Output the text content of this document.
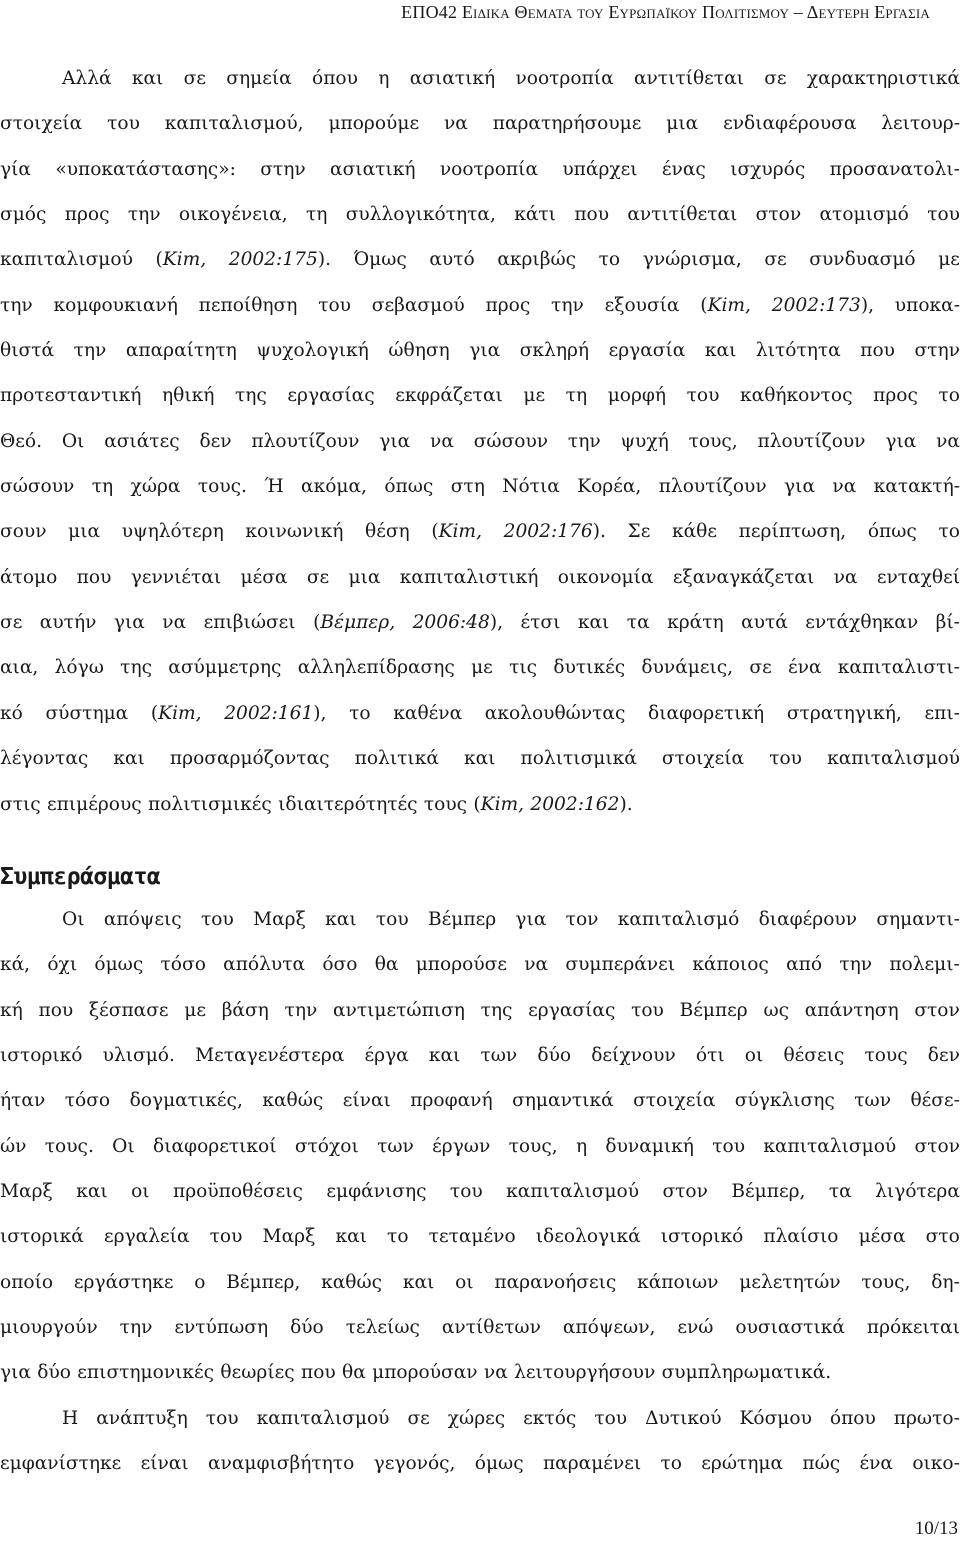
ΕΠΟ42 Ειδικα Θεματα του Ευρωπαϊκου Πολιτισμου – Δευτερη Εργασια
Αλλά και σε σημεία όπου η ασιατική νοοτροπία αντιτίθεται σε χαρακτηριστικά
στοιχεία του καπιταλισμού, μπορούμε να παρατηρήσουμε μια ενδιαφέρουσα λειτουρ-
γία «υποκατάστασης»: στην ασιατική νοοτροπία υπάρχει ένας ισχυρός προσανατολι-
σμός προς την οικογένεια, τη συλλογικότητα, κάτι που αντιτίθεται στον ατομισμό του
καπιταλισμού (Kim, 2002:175). Όμως αυτό ακριβώς το γνώρισμα, σε συνδυασμό με
την κομφουκιανή πεποίθηση του σεβασμού προς την εξουσία (Kim, 2002:173), υποκα-
θιστά την απαραίτητη ψυχολογική ώθηση για σκληρή εργασία και λιτότητα που στην
προτεσταντική ηθική της εργασίας εκφράζεται με τη μορφή του καθήκοντος προς το
Θεό. Οι ασιάτες δεν πλουτίζουν για να σώσουν την ψυχή τους, πλουτίζουν για να
σώσουν τη χώρα τους. Ή ακόμα, όπως στη Νότια Κορέα, πλουτίζουν για να κατακτή-
σουν μια υψηλότερη κοινωνική θέση (Kim, 2002:176). Σε κάθε περίπτωση, όπως το
άτομο που γεννιέται μέσα σε μια καπιταλιστική οικονομία εξαναγκάζεται να ενταχθεί
σε αυτήν για να επιβιώσει (Βέμπερ, 2006:48), έτσι και τα κράτη αυτά εντάχθηκαν βί-
αια, λόγω της ασύμμετρης αλληλεπίδρασης με τις δυτικές δυνάμεις, σε ένα καπιταλιστι-
κό σύστημα (Kim, 2002:161), το καθένα ακολουθώντας διαφορετική στρατηγική, επι-
λέγοντας και προσαρμόζοντας πολιτικά και πολιτισμικά στοιχεία του καπιταλισμού
στις επιμέρους πολιτισμικές ιδιαιτερότητές τους (Kim, 2002:162).
Συμπεράσματα
Οι απόψεις του Μαρξ και του Βέμπερ για τον καπιταλισμό διαφέρουν σημαντι-
κά, όχι όμως τόσο απόλυτα όσο θα μπορούσε να συμπεράνει κάποιος από την πολεμι-
κή που ξέσπασε με βάση την αντιμετώπιση της εργασίας του Βέμπερ ως απάντηση στον
ιστορικό υλισμό. Μεταγενέστερα έργα και των δύο δείχνουν ότι οι θέσεις τους δεν
ήταν τόσο δογματικές, καθώς είναι προφανή σημαντικά στοιχεία σύγκλισης των θέσε-
ών τους. Οι διαφορετικοί στόχοι των έργων τους, η δυναμική του καπιταλισμού στον
Μαρξ και οι προϋποθέσεις εμφάνισης του καπιταλισμού στον Βέμπερ, τα λιγότερα
ιστορικά εργαλεία του Μαρξ και το τεταμένο ιδεολογικά ιστορικό πλαίσιο μέσα στο
οποίο εργάστηκε ο Βέμπερ, καθώς και οι παρανοήσεις κάποιων μελετητών τους, δη-
μιουργούν την εντύπωση δύο τελείως αντίθετων απόψεων, ενώ ουσιαστικά πρόκειται
για δύο επιστημονικές θεωρίες που θα μπορούσαν να λειτουργήσουν συμπληρωματικά.
Η ανάπτυξη του καπιταλισμού σε χώρες εκτός του Δυτικού Κόσμου όπου πρωτο-
εμφανίστηκε είναι αναμφισβήτητο γεγονός, όμως παραμένει το ερώτημα πώς ένα οικο-
10/13
